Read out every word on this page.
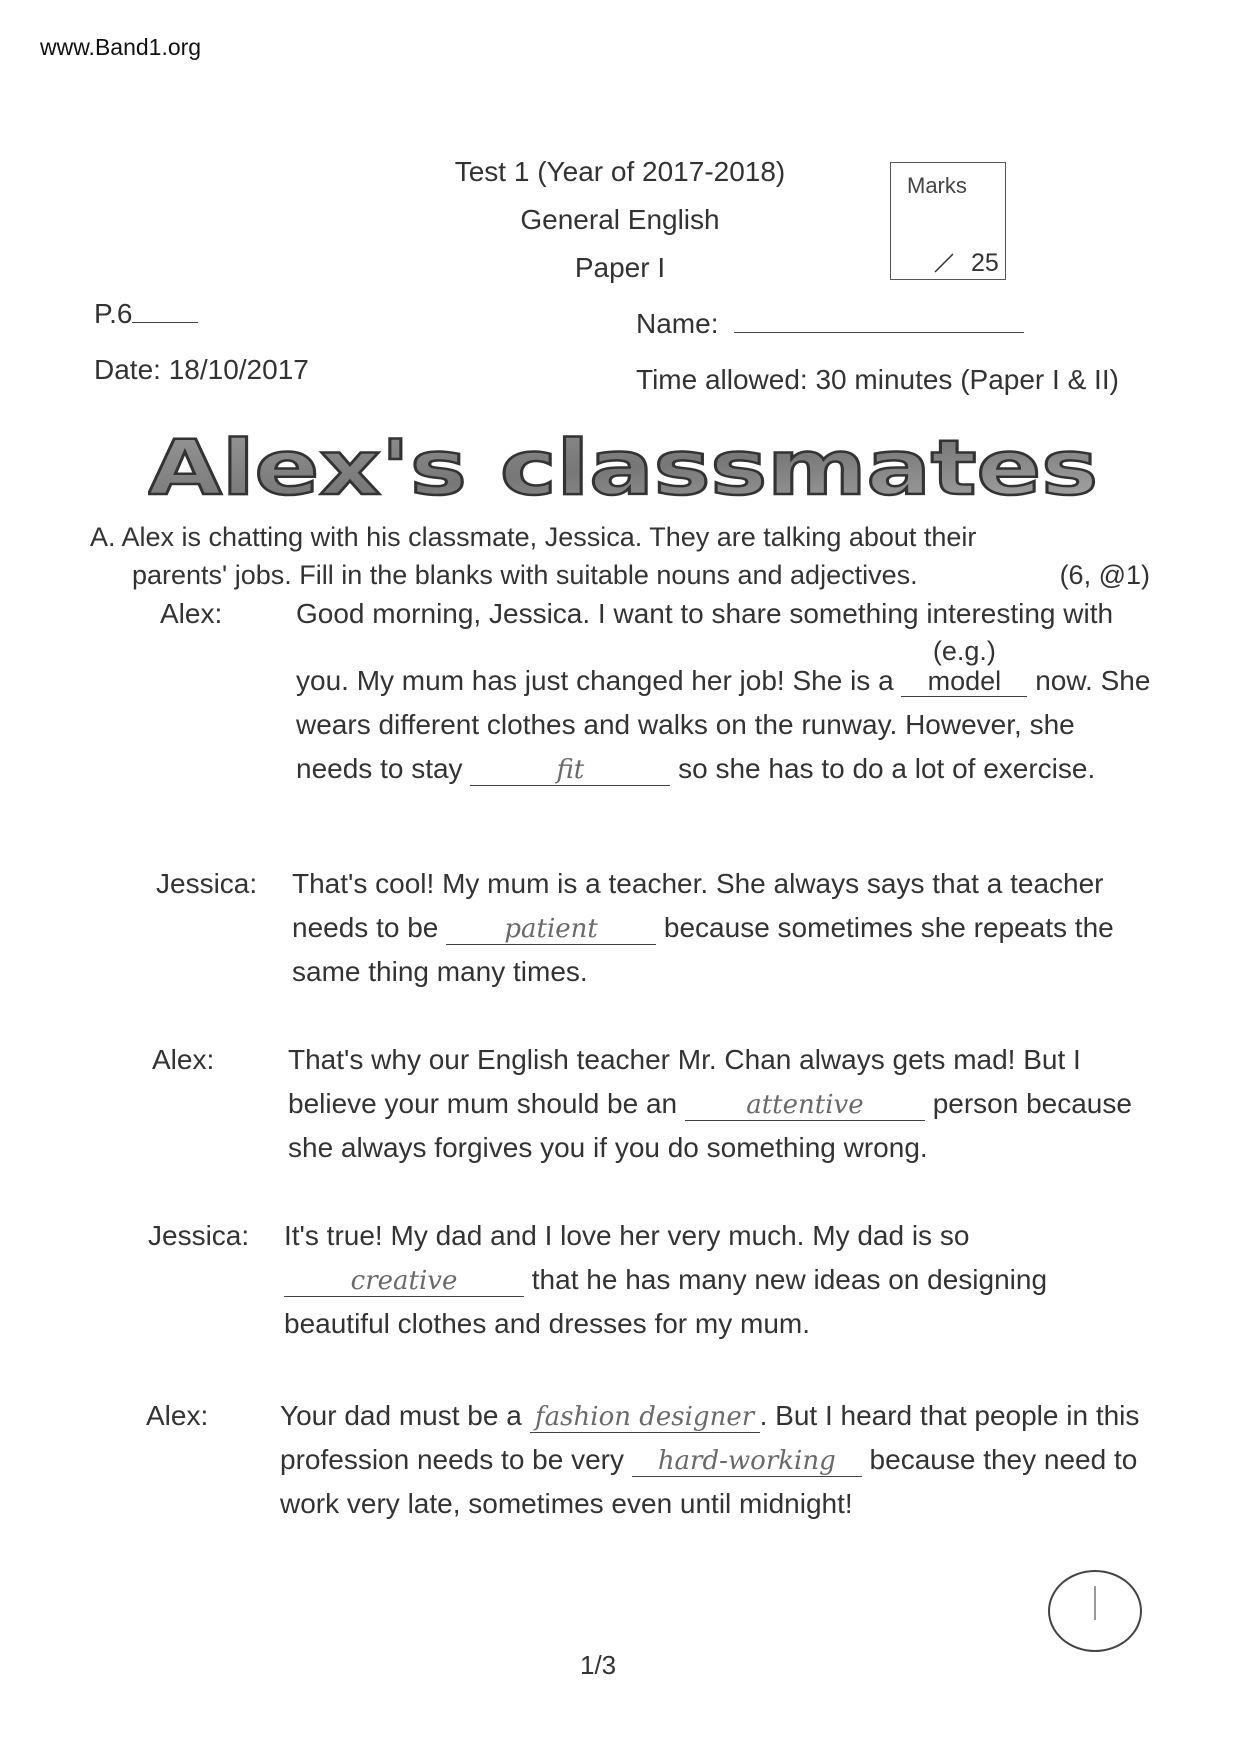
www.Band1.org
Test 1 (Year of 2017-2018)
General English
Paper I
Marks
25
P.6	Name:
Date: 18/10/2017	Time allowed: 30 minutes (Paper I & II)
Alex's classmates
A. Alex is chatting with his classmate, Jessica. They are talking about their
parents' jobs. Fill in the blanks with suitable nouns and adjectives.	(6, @1)
Alex:	Good morning, Jessica. I want to share something interesting with you. My mum has just changed her job! She is a (e.g.) model now. She wears different clothes and walks on the runway. However, she needs to stay	fit	so she has to do a lot of exercise.
Jessica:	That's cool! My mum is a teacher. She always says that a teacher needs to be	patient because sometimes she repeats the same thing many times.
Alex:	That's why our English teacher Mr. Chan always gets mad! But I believe your mum should be an	attentive person because she always forgives you if you do something wrong.
Jessica:	It's true! My dad and I love her very much. My dad is so creative	that he has many new ideas on designing beautiful clothes and dresses for my mum.
Alex:	Your dad must be a fashion designer . But I heard that people in this profession needs to be very hard-working because they need to work very late, sometimes even until midnight!
1/3
